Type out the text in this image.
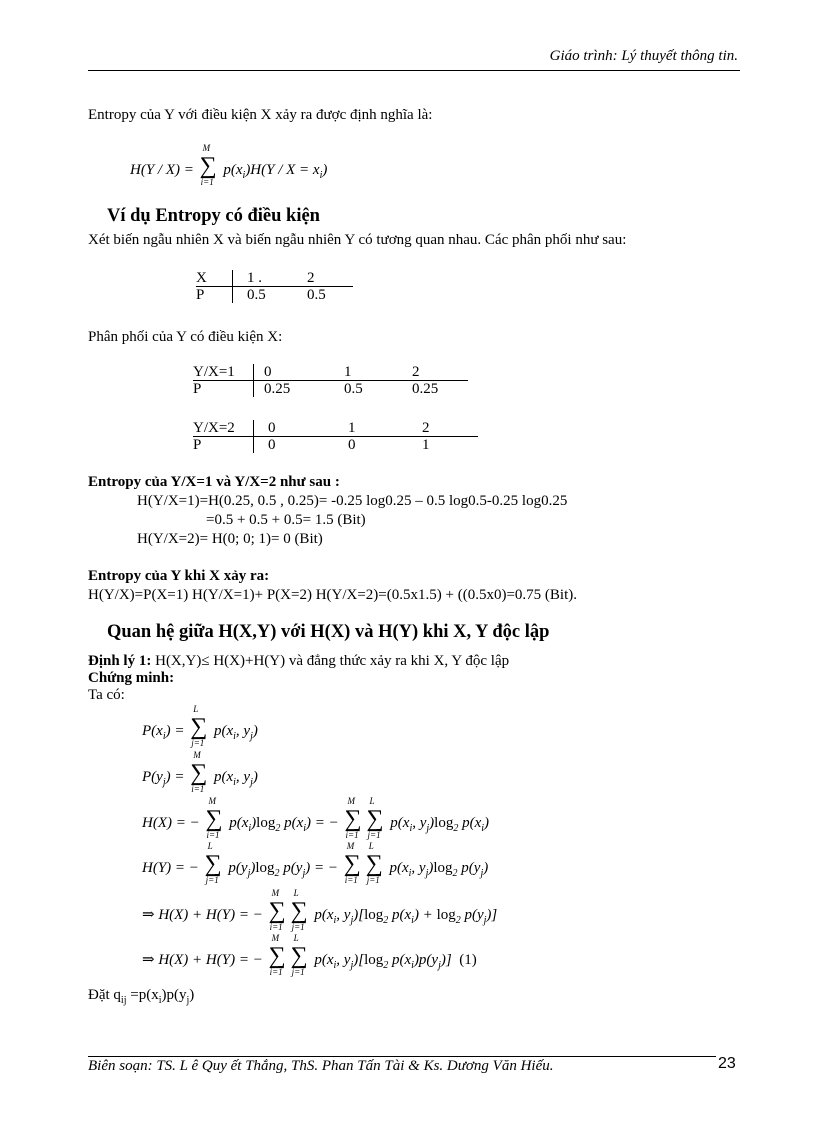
Giáo trình: Lý thuyết thông tin.
Entropy của Y với điều kiện X xảy ra được định nghĩa là:
H(Y / X) = ∑
M
i=1
$p(x_i)H(Y / X = x_i)$
Ví dụ Entropy có điều kiện
Xét biến ngẫu nhiên X và biến ngẫu nhiên Y có tương quan nhau. Các phân phối như sau:
X	1 .	2
P	0.5	0.5
Phân phối của Y có điều kiện X:
Y/X=1	0	1	2
P	0.25	0.5	0.25
Y/X=2	0	1	2
P	0	0	1
Entropy của Y/X=1 và Y/X=2 như sau :
H(Y/X=1)=H(0.25, 0.5 , 0.25)= -0.25 log0.25 – 0.5 log0.5-0.25 log0.25
=0.5 + 0.5 + 0.5= 1.5 (Bit)
H(Y/X=2)= H(0; 0; 1)= 0 (Bit)
Entropy của Y khi X xảy ra:
H(Y/X)=P(X=1) H(Y/X=1)+ P(X=2) H(Y/X=2)=(0.5x1.5) + ((0.5x0)=0.75 (Bit).
Quan hệ giữa H(X,Y) với H(X) và H(Y) khi X, Y độc lập
Định lý 1: H(X,Y)≤ H(X)+H(Y) và đẳng thức xảy ra khi X, Y độc lập
Chứng minh:
Ta có:
$P(x_i)$ = ∑
L
j=1
$p(x_i$, $y_j$)
$P(y_j)$ = ∑
M
i=1
$p(x_i$, $y_j$)
H(X) = − ∑
M
i=1
$p(x_i)\log_2$ $p(x_i)$ = − ∑
M
i=1
∑
L
j=1
$p(x_i$, $y_j)\log_2$ $p(x_i)$
H(Y) = − ∑
L
j=1
$p(y_j)\log_2$ $p(y_j)$ = − ∑
M
i=1
∑
L
j=1
$p(x_i$, $y_j)\log_2$ $p(y_j)$
⇒ H(X) + H(Y) = − ∑
M
i=1
∑
L
j=1
$p(x_i$, $y_j)[\log_2$ $p(x_i) + \log_2 p(y_j)$]
⇒ H(X) + H(Y) = − ∑
M
i=1
∑
L
j=1
$p(x_i$, $y_j)[\log_2$ $p(x_i)p(y_j)$]  (1)
Đặt $q_{ij} =p(x_i)p(y_j)$
Biên soạn: TS. L ê Quy ết Thắng, ThS. Phan Tấn Tài & Ks. Dương Văn Hiếu.	23
